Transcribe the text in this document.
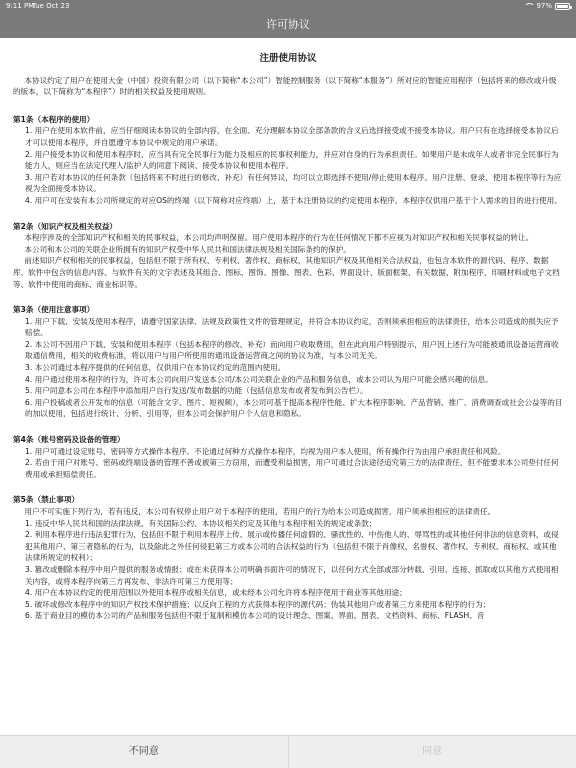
9:11 PM
Tue Oct 23	97%
许可协议
注册使用协议
本协议约定了用户在使用大金（中国）投资有限公司（以下简称“本公司”）智能控制服务（以下简称“本服务”）所对应的智能应用程序（包括将来的修改或升级的版本，以下简称为“本程序”）时的相关权益及使用规则。
第1条（本程序的使用）
1. 用户在使用本软件前，应当仔细阅读本协议的全部内容，在全面、充分理解本协议全部条款的含义后选择接受或不接受本协议。用户只有在选择接受本协议后才可以使用本程序，并自愿遵守本协议中规定的用户承诺。
2. 用户接受本协议和使用本程序时，应当具有完全民事行为能力及相应的民事权利能力，并应对自身的行为承担责任。如果用户是未成年人或者非完全民事行为能力人，则应当在法定代理人/监护人的同意下阅读、接受本协议和使用本程序。
3. 用户若对本协议的任何条款（包括将来不时进行的修改、补充）有任何异议，均可以立即选择不使用/停止使用本程序。用户注册、登录、使用本程序等行为应视为全面接受本协议。
4. 用户可在安装有本公司所规定的对应OS的终端（以下简称对应终端）上，基于本注册协议的约定使用本程序。本程序仅供用户基于个人需求的目的进行使用。
第2条（知识产权及相关权益）
本程序涉及的全部知识产权和相关的民事权益，本公司均声明保留。用户使用本程序的行为在任何情况下都不应视为对知识产权和相关民事权益的转让。
本公司和本公司的关联企业所拥有的知识产权受中华人民共和国法律法规及相关国际条约的保护。
前述知识产权和相关的民事权益，包括但不限于所有权、专利权、著作权、商标权、其他知识产权及其他相关合法权益，也包含本软件的源代码、程序、数据库、软件中包含的信息内容、与软件有关的文字表述及其组合、图标、图饰、图像、图表、色彩、界面设计、版面框架、有关数据、附加程序、印刷材料或电子文档等、软件中使用的商标、商业标识等。
第3条（使用注意事项）
1. 用户下载、安装及使用本程序，请遵守国家法律、法规及政策性文件的管理规定，并符合本协议约定，否则须承担相应的法律责任，给本公司造成的损失应予赔偿。
2. 本公司不因用户下载、安装和使用本程序（包括本程序的修改、补充）而向用户收取费用，但在此向用户特别提示，用户因上述行为可能被通讯设备运营商收取通信费用，相关的收费标准，将以用户与用户所使用的通讯设备运营商之间的协议为准，与本公司无关。
3. 本公司通过本程序提供的任何信息，仅供用户在本协议约定的范围内使用。
4. 用户通过使用本程序的行为，许可本公司向用户发送本公司/本公司关联企业的产品和服务信息，或本公司认为用户可能会感兴趣的信息。
5. 用户同意本公司在本程序中添加用户自行发送/发布数据的功能（包括信息发布或者发布到公告栏）。
6. 用户投稿或者公开发布的信息（可能含文字、图片、短视频），本公司可基于提高本程序性能、扩大本程序影响、产品营销、推广、消费调查或社会公益等的目的加以使用，包括进行统计、分析、引用等，但本公司会保护用户个人信息和隐私。
第4条（账号密码及设备的管理）
1. 用户可通过设定账号、密码等方式操作本程序。不论通过何种方式操作本程序，均视为用户本人使用，所有操作行为由用户承担责任和风险。
2. 若由于用户对账号、密码或终端设备的管理不善或被第三方窃用，而遭受利益损害，用户可通过合法途径追究第三方的法律责任，但不能要求本公司垫付任何费用或承担赔偿责任。
第5条（禁止事项）
用户不可实施下列行为，若有违反，本公司有权停止用户对于本程序的使用，若用户的行为给本公司造成损害，用户须承担相应的法律责任。
1. 违反中华人民共和国的法律法规、有关国际公约、本协议相关约定及其他与本程序相关的规定或条款；
2. 利用本程序进行违法犯罪行为，包括但不限于利用本程序上传、展示或传播任何虚假的、骚扰性的、中伤他人的、辱骂性的或其他任何非法的信息资料，或侵犯其他用户、第三者隐私的行为，以及除此之外任何侵犯第三方或本公司的合法权益的行为（包括但不限于肖像权、名誉权、著作权、专利权、商标权、或其他法律所规定的权利）；
3. 篡改或删除本程序中用户提供的服务或情报；或在未获得本公司明确书面许可的情况下，以任何方式全部或部分转载、引用、连接、抓取或以其他方式使用相关内容，或将本程序向第三方再发布、非法许可第三方使用等；
4. 用户在本协议约定的使用范围以外使用本程序或相关信息，或未经本公司允许将本程序使用于商业等其他用途；
5. 破坏或修改本程序中的知识产权技术保护措施；以反向工程的方式获得本程序的源代码；伪装其他用户或者第三方来使用本程序的行为；
6. 基于商业目的模仿本公司的产品和服务包括但不限于复制和模仿本公司的设计理念、图案、界面、图表、文档资料、商标、FLASH、音
不同意	同意
